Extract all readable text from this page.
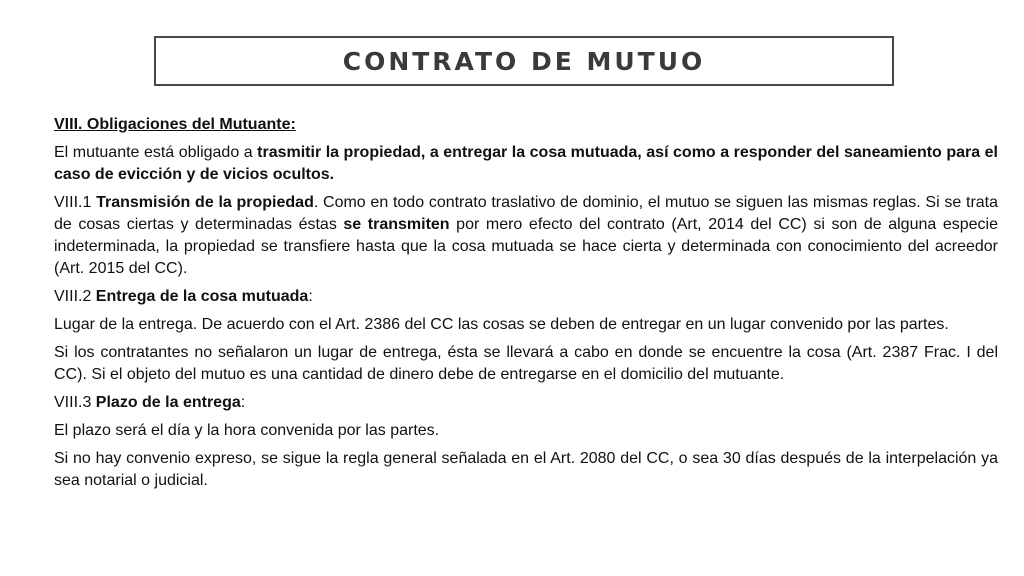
CONTRATO DE MUTUO

VIII. Obligaciones del Mutuante:

El mutuante está obligado a trasmitir la propiedad, a entregar la cosa mutuada, así como a responder del saneamiento para el caso de evicción y de vicios ocultos.

VIII.1 Transmisión de la propiedad. Como en todo contrato traslativo de dominio, el mutuo se siguen las mismas reglas. Si se trata de cosas ciertas y determinadas éstas se transmiten por mero efecto del contrato (Art, 2014 del CC) si son de alguna especie indeterminada, la propiedad se transfiere hasta que la cosa mutuada se hace cierta y determinada con conocimiento del acreedor (Art. 2015 del CC).

VIII.2 Entrega de la cosa mutuada:

Lugar de la entrega. De acuerdo con el Art. 2386 del CC las cosas se deben de entregar en un lugar convenido por las partes.

Si los contratantes no señalaron un lugar de entrega, ésta se llevará a cabo en donde se encuentre la cosa (Art. 2387 Frac. I del CC). Si el objeto del mutuo es una cantidad de dinero debe de entregarse en el domicilio del mutuante.

VIII.3 Plazo de la entrega:

El plazo será el día y la hora convenida por las partes.

Si no hay convenio expreso, se sigue la regla general señalada en el Art. 2080 del CC, o sea 30 días después de la interpelación ya sea notarial o judicial.
